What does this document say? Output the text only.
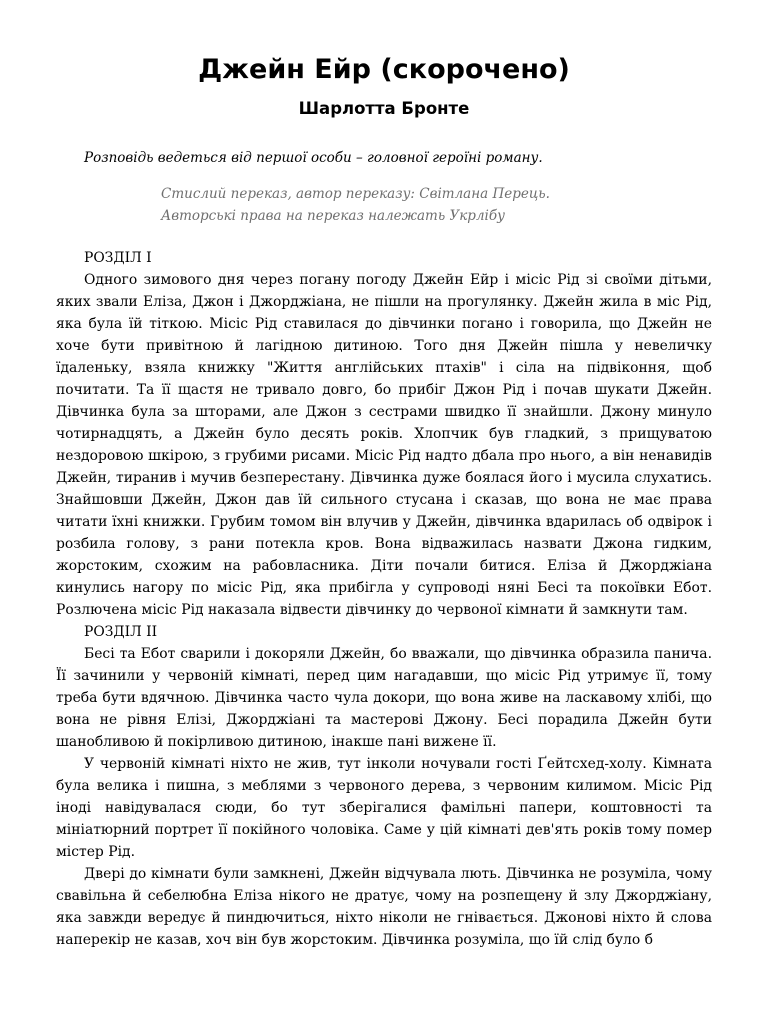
Джейн Ейр (скорочено)
Шарлотта Бронте

Розповідь ведеться від першої особи – головної героїні роману.

Стислий переказ, автор переказу: Світлана Перець.
Авторські права на переказ належать Укрлібу

РОЗДІЛ І

Одного зимового дня через погану погоду Джейн Ейр і місіс Рід зі своїми дітьми, яких звали Еліза, Джон і Джорджіана, не пішли на прогулянку. Джейн жила в міс Рід, яка була їй тіткою. Місіс Рід ставилася до дівчинки погано і говорила, що Джейн не хоче бути привітною й лагідною дитиною. Того дня Джейн пішла у невеличку їдаленьку, взяла книжку "Життя англійських птахів" і сіла на підвіконня, щоб почитати. Та її щастя не тривало довго, бо прибіг Джон Рід і почав шукати Джейн. Дівчинка була за шторами, але Джон з сестрами швидко її знайшли. Джону минуло чотирнадцять, а Джейн було десять років. Хлопчик був гладкий, з прищуватою нездоровою шкірою, з грубими рисами. Місіс Рід надто дбала про нього, а він ненавидів Джейн, тиранив і мучив безперестану. Дівчинка дуже боялася його і мусила слухатись. Знайшовши Джейн, Джон дав їй сильного стусана і сказав, що вона не має права читати їхні книжки. Грубим томом він влучив у Джейн, дівчинка вдарилась об одвірок і розбила голову, з рани потекла кров. Вона відважилась назвати Джона гидким, жорстоким, схожим на рабовласника. Діти почали битися. Еліза й Джорджіана кинулись нагору по місіс Рід, яка прибігла у супроводі няні Бесі та покоївки Ебот. Розлючена місіс Рід наказала відвести дівчинку до червоної кімнати й замкнути там.

РОЗДІЛ ІІ

Бесі та Ебот сварили і докоряли Джейн, бо вважали, що дівчинка образила панича. Її зачинили у червоній кімнаті, перед цим нагадавши, що місіс Рід утримує її, тому треба бути вдячною. Дівчинка часто чула докори, що вона живе на ласкавому хлібі, що вона не рівня Елізі, Джорджіані та мастерові Джону. Бесі порадила Джейн бути шанобливою й покірливою дитиною, інакше пані вижене її.

У червоній кімнаті ніхто не жив, тут інколи ночували гості Ґейтсхед-холу. Кімната була велика і пишна, з меблями з червоного дерева, з червоним килимом. Місіс Рід іноді навідувалася сюди, бо тут зберігалися фамільні папери, коштовності та мініатюрний портрет її покійного чоловіка. Саме у цій кімнаті дев'ять років тому помер містер Рід.

Двері до кімнати були замкнені, Джейн відчувала лють. Дівчинка не розуміла, чому свавільна й себелюбна Еліза нікого не дратує, чому на розпещену й злу Джорджіану, яка завжди вередує й пиндючиться, ніхто ніколи не гнівається. Джонові ніхто й слова наперекір не казав, хоч він був жорстоким. Дівчинка розуміла, що їй слід було б
